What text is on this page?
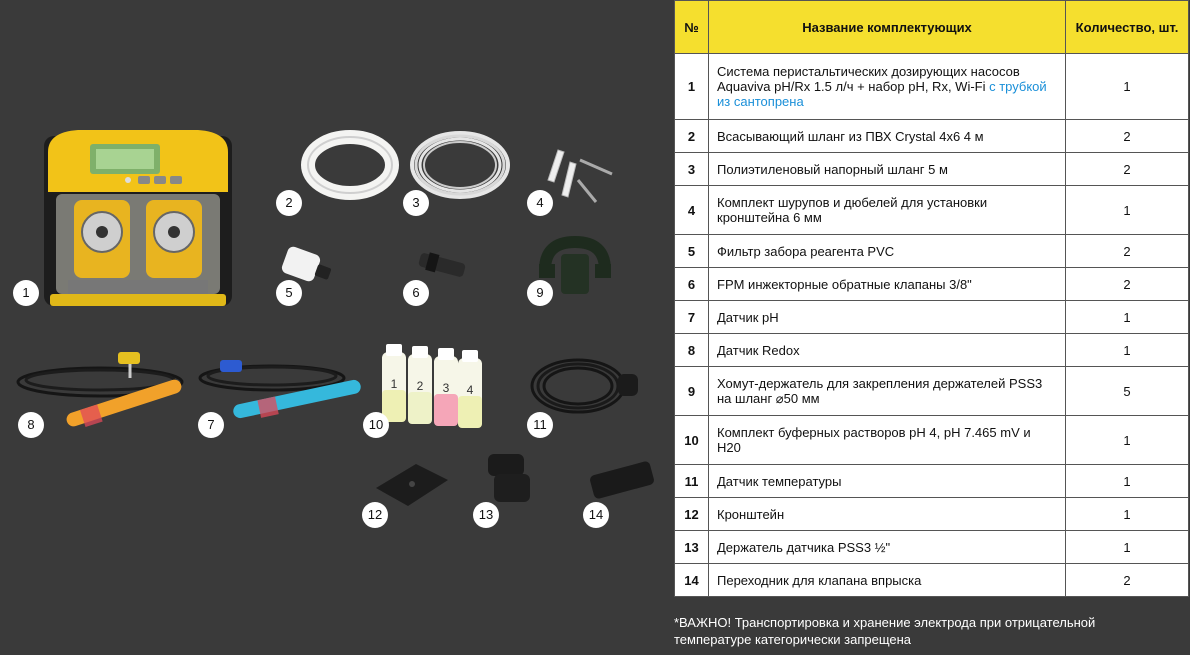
1
2	3	4
5	6	9
8	7
1 2 3 4
10	11
12	13	14
№	Название комплектующих	Количество, шт.
1	Система перистальтических дозирующих насосов Aquaviva pH/Rx 1.5 л/ч + набор pH, Rx, Wi-Fi с трубкой из сантопрена	1
2	Всасывающий шланг из ПВХ Crystal 4х6 4 м	2
3	Полиэтиленовый напорный шланг 5 м	2
4	Комплект шурупов и дюбелей для установки кронштейна 6 мм	1
5	Фильтр забора реагента PVC	2
6	FPM инжекторные обратные клапаны 3/8"	2
7	Датчик pH	1
8	Датчик Redox	1
9	Хомут-держатель для закрепления держателей PSS3 на шланг ⌀50 мм	5
10	Комплект буферных растворов pH 4, pH 7.465 mV и H20	1
11	Датчик температуры	1
12	Кронштейн	1
13	Держатель датчика PSS3 ½"	1
14	Переходник для клапана впрыска	2
*ВАЖНО! Транспортировка и хранение электрода при отрицательной температуре категорически запрещена
